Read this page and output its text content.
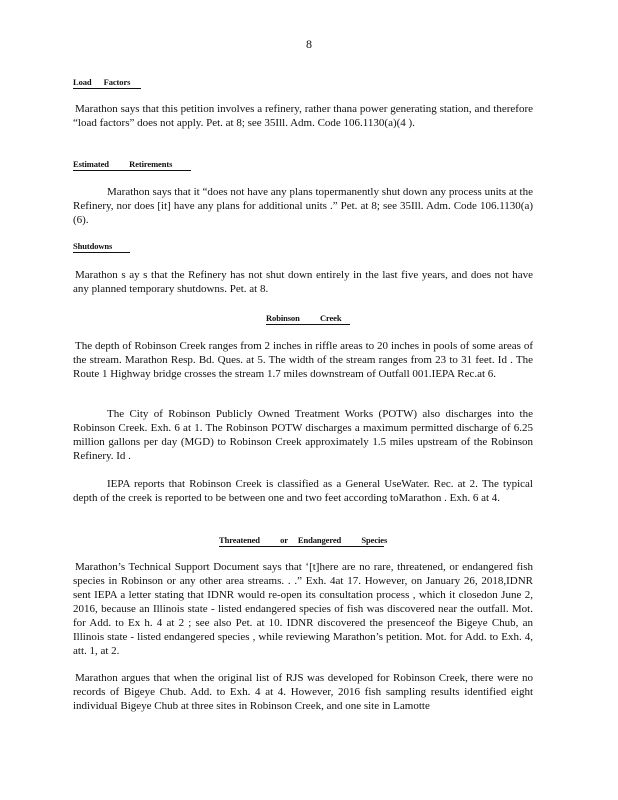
8
Load      Factors

Marathon says that this petition involves a refinery, rather thana power generating station, and therefore “load factors” does not apply. Pet. at 8; see 35Ill. Adm. Code 106.1130(a)(4 ).

Estimated          Retirements

Marathon says that it “does not have any plans topermanently shut down any process units at the Refinery, nor does [it] have any plans for additional units .” Pet. at 8; see 35Ill. Adm. Code 106.1130(a)(6).

Shutdowns

Marathon s ay s that the Refinery has not shut down entirely in the last five years, and does not have any planned temporary shutdowns. Pet. at 8.

Robinson          Creek

The depth of Robinson Creek ranges from 2 inches in riffle areas to 20 inches in pools of some areas of the stream. Marathon Resp. Bd. Ques. at 5. The width of the stream ranges from 23 to 31 feet. Id . The Route 1 Highway bridge crosses the stream 1.7 miles downstream of Outfall 001.IEPA Rec.at 6.

The City of Robinson Publicly Owned Treatment Works (POTW) also discharges into the Robinson Creek. Exh. 6 at 1. The Robinson POTW discharges a maximum permitted discharge of 6.25 million gallons per day (MGD) to Robinson Creek approximately 1.5 miles upstream of the Robinson Refinery. Id .

IEPA reports that Robinson Creek is classified as a General UseWater. Rec. at 2. The typical depth of the creek is reported to be between one and two feet according toMarathon . Exh. 6 at 4.

Threatened          or     Endangered          Species

Marathon’s Technical Support Document says that ‘[t]here are no rare, threatened, or endangered fish species in Robinson or any other area streams. . .” Exh. 4at 17. However, on January 26, 2018,IDNR sent IEPA a letter stating that IDNR would re-open its consultation process , which it closedon June 2, 2016, because an Illinois state - listed endangered species of fish was discovered near the outfall. Mot. for Add. to Ex h. 4 at 2 ; see also Pet. at 10. IDNR discovered the presenceof the Bigeye Chub, an Illinois state - listed endangered species , while reviewing Marathon’s petition. Mot. for Add. to Exh. 4, att. 1, at 2.

Marathon argues that when the original list of RJS was developed for Robinson Creek, there were no records of Bigeye Chub. Add. to Exh. 4 at 4. However, 2016 fish sampling results identified eight individual Bigeye Chub at three sites in Robinson Creek, and one site in Lamotte
